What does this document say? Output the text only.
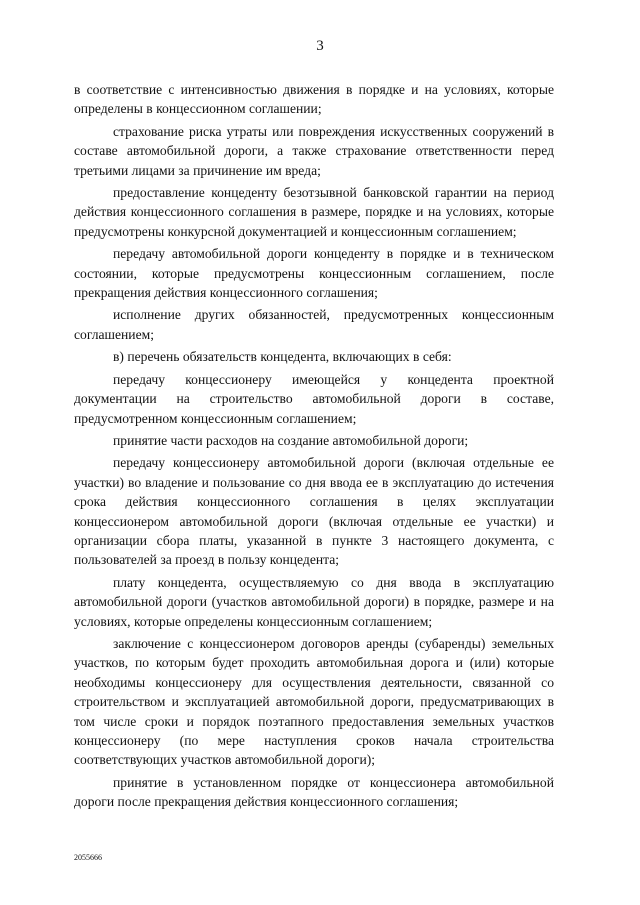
3

в соответствие с интенсивностью движения в порядке и на условиях, которые определены в концессионном соглашении;

страхование риска утраты или повреждения искусственных сооружений в составе автомобильной дороги, а также страхование ответственности перед третьими лицами за причинение им вреда;

предоставление концеденту безотзывной банковской гарантии на период действия концессионного соглашения в размере, порядке и на условиях, которые предусмотрены конкурсной документацией и концессионным соглашением;

передачу автомобильной дороги концеденту в порядке и в техническом состоянии, которые предусмотрены концессионным соглашением, после прекращения действия концессионного соглашения;

исполнение других обязанностей, предусмотренных концессионным соглашением;

в) перечень обязательств концедента, включающих в себя:

передачу концессионеру имеющейся у концедента проектной документации на строительство автомобильной дороги в составе, предусмотренном концессионным соглашением;

принятие части расходов на создание автомобильной дороги;

передачу концессионеру автомобильной дороги (включая отдельные ее участки) во владение и пользование со дня ввода ее в эксплуатацию до истечения срока действия концессионного соглашения в целях эксплуатации концессионером автомобильной дороги (включая отдельные ее участки) и организации сбора платы, указанной в пункте 3 настоящего документа, с пользователей за проезд в пользу концедента;

плату концедента, осуществляемую со дня ввода в эксплуатацию автомобильной дороги (участков автомобильной дороги) в порядке, размере и на условиях, которые определены концессионным соглашением;

заключение с концессионером договоров аренды (субаренды) земельных участков, по которым будет проходить автомобильная дорога и (или) которые необходимы концессионеру для осуществления деятельности, связанной со строительством и эксплуатацией автомобильной дороги, предусматривающих в том числе сроки и порядок поэтапного предоставления земельных участков концессионеру (по мере наступления сроков начала строительства соответствующих участков автомобильной дороги);

принятие в установленном порядке от концессионера автомобильной дороги после прекращения действия концессионного соглашения;

2055666
